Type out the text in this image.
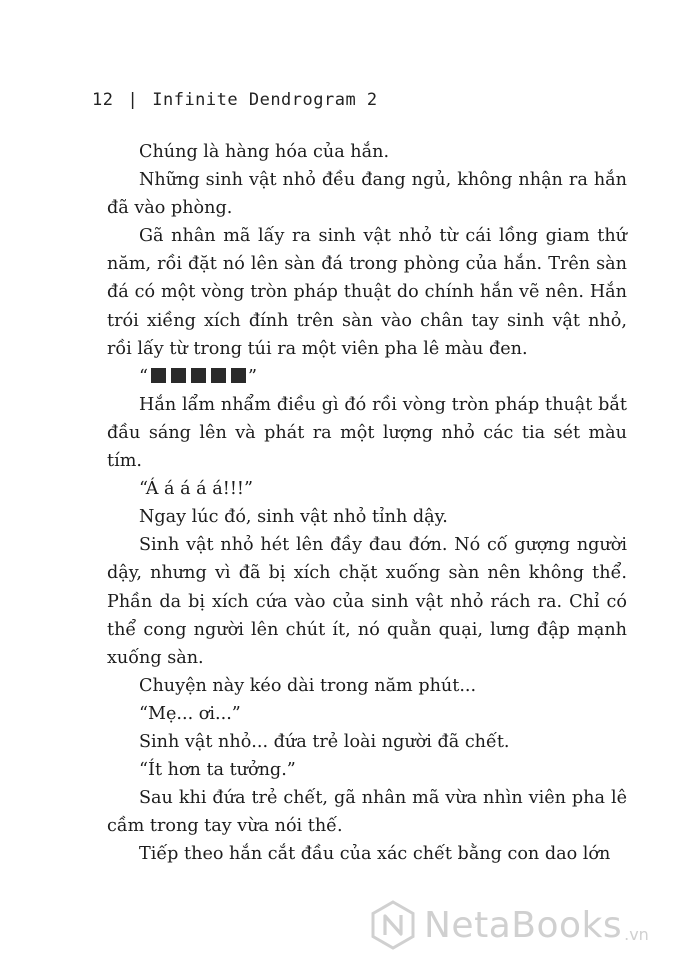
12 | Infinite Dendrogram 2

Chúng là hàng hóa của hắn.

Những sinh vật nhỏ đều đang ngủ, không nhận ra hắn đã vào phòng.

Gã nhân mã lấy ra sinh vật nhỏ từ cái lồng giam thứ năm, rồi đặt nó lên sàn đá trong phòng của hắn. Trên sàn đá có một vòng tròn pháp thuật do chính hắn vẽ nên. Hắn trói xiềng xích đính trên sàn vào chân tay sinh vật nhỏ, rồi lấy từ trong túi ra một viên pha lê màu đen.

“	”

Hắn lẩm nhẩm điều gì đó rồi vòng tròn pháp thuật bắt đầu sáng lên và phát ra một lượng nhỏ các tia sét màu tím.

“Á á á á á!!!”

Ngay lúc đó, sinh vật nhỏ tỉnh dậy.

Sinh vật nhỏ hét lên đầy đau đớn. Nó cố gượng người dậy, nhưng vì đã bị xích chặt xuống sàn nên không thể. Phần da bị xích cứa vào của sinh vật nhỏ rách ra. Chỉ có thể cong người lên chút ít, nó quằn quại, lưng đập mạnh xuống sàn.

Chuyện này kéo dài trong năm phút...

“Mẹ... ơi...”

Sinh vật nhỏ... đứa trẻ loài người đã chết.

“Ít hơn ta tưởng.”

Sau khi đứa trẻ chết, gã nhân mã vừa nhìn viên pha lê cầm trong tay vừa nói thế.

Tiếp theo hắn cắt đầu của xác chết bằng con dao lớn

NetaBooks .vn
